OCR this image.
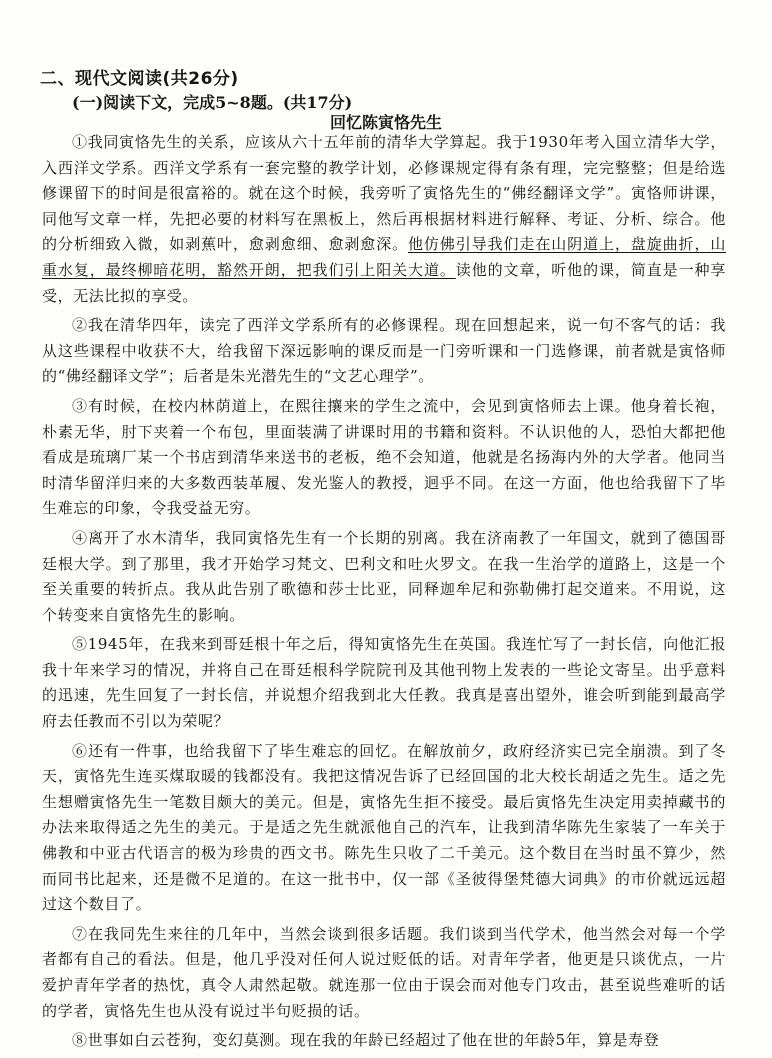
二、现代文阅读(共26分)
(一)阅读下文，完成5~8题。(共17分)
回忆陈寅恪先生

①我同寅恪先生的关系，应该从六十五年前的清华大学算起。我于1930年考入国立清华大学，入西洋文学系。西洋文学系有一套完整的教学计划，必修课规定得有条有理，完完整整；但是给选修课留下的时间是很富裕的。就在这个时候，我旁听了寅恪先生的“佛经翻译文学”。寅恪师讲课，同他写文章一样，先把必要的材料写在黑板上，然后再根据材料进行解释、考证、分析、综合。他的分析细致入微，如剥蕉叶，愈剥愈细、愈剥愈深。他仿佛引导我们走在山阴道上，盘旋曲折，山重水复，最终柳暗花明，豁然开朗，把我们引上阳关大道。读他的文章，听他的课，简直是一种享受，无法比拟的享受。

②我在清华四年，读完了西洋文学系所有的必修课程。现在回想起来，说一句不客气的话：我从这些课程中收获不大，给我留下深远影响的课反而是一门旁听课和一门选修课，前者就是寅恪师的“佛经翻译文学”；后者是朱光潜先生的“文艺心理学”。

③有时候，在校内林荫道上，在熙往攘来的学生之流中，会见到寅恪师去上课。他身着长袍，朴素无华，肘下夹着一个布包，里面装满了讲课时用的书籍和资料。不认识他的人，恐怕大都把他看成是琉璃厂某一个书店到清华来送书的老板，绝不会知道，他就是名扬海内外的大学者。他同当时清华留洋归来的大多数西装革履、发光鉴人的教授，迥乎不同。在这一方面，他也给我留下了毕生难忘的印象，令我受益无穷。

④离开了水木清华，我同寅恪先生有一个长期的别离。我在济南教了一年国文，就到了德国哥廷根大学。到了那里，我才开始学习梵文、巴利文和吐火罗文。在我一生治学的道路上，这是一个至关重要的转折点。我从此告别了歌德和莎士比亚，同释迦牟尼和弥勒佛打起交道来。不用说，这个转变来自寅恪先生的影响。

⑤1945年，在我来到哥廷根十年之后，得知寅恪先生在英国。我连忙写了一封长信，向他汇报我十年来学习的情况，并将自己在哥廷根科学院院刊及其他刊物上发表的一些论文寄呈。出乎意料的迅速，先生回复了一封长信，并说想介绍我到北大任教。我真是喜出望外，谁会听到能到最高学府去任教而不引以为荣呢？

⑥还有一件事，也给我留下了毕生难忘的回忆。在解放前夕，政府经济实已完全崩溃。到了冬天，寅恪先生连买煤取暖的钱都没有。我把这情况告诉了已经回国的北大校长胡适之先生。适之先生想赠寅恪先生一笔数目颇大的美元。但是，寅恪先生拒不接受。最后寅恪先生决定用卖掉藏书的办法来取得适之先生的美元。于是适之先生就派他自己的汽车，让我到清华陈先生家装了一车关于佛教和中亚古代语言的极为珍贵的西文书。陈先生只收了二千美元。这个数目在当时虽不算少，然而同书比起来，还是微不足道的。在这一批书中，仅一部《圣彼得堡梵德大词典》的市价就远远超过这个数目了。

⑦在我同先生来往的几年中，当然会谈到很多话题。我们谈到当代学术，他当然会对每一个学者都有自己的看法。但是，他几乎没对任何人说过贬低的话。对青年学者，他更是只谈优点，一片爱护青年学者的热忱，真令人肃然起敬。就连那一位由于误会而对他专门攻击，甚至说些难听的话的学者，寅恪先生也从没有说过半句贬损的话。

⑧世事如白云苍狗，变幻莫测。现在我的年龄已经超过了他在世的年龄5年，算是寿登
